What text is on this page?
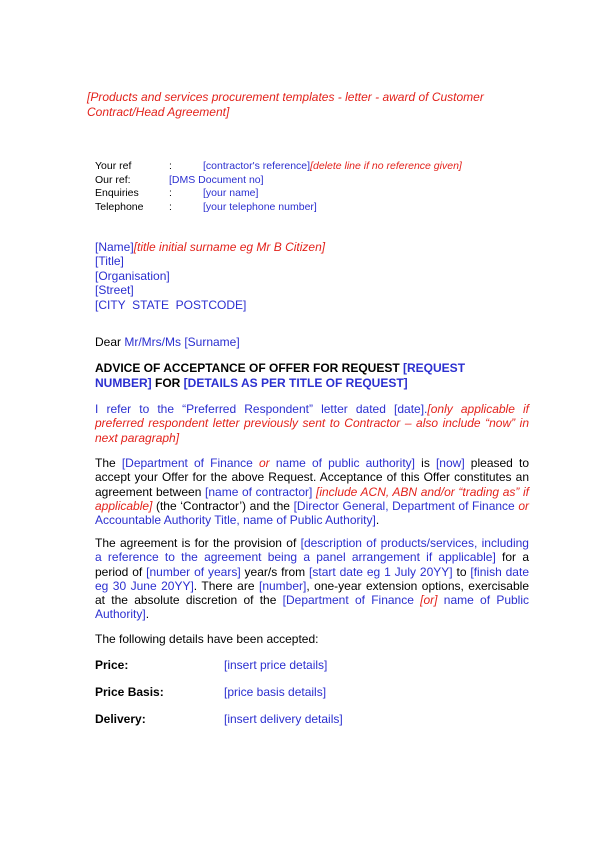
[Products and services procurement templates - letter - award of Customer Contract/Head Agreement]
Your ref	:	[contractor's reference][delete line if no reference given]
Our ref:	[DMS Document no]
Enquiries	:	[your name]
Telephone :	[your telephone number]
[Name][title initial surname eg Mr B Citizen]
[Title]
[Organisation]
[Street]
[CITY  STATE  POSTCODE]
Dear Mr/Mrs/Ms [Surname]
ADVICE OF ACCEPTANCE OF OFFER FOR REQUEST [REQUEST NUMBER] FOR [DETAILS AS PER TITLE OF REQUEST]
I refer to the “Preferred Respondent” letter dated [date].[only applicable if preferred respondent letter previously sent to Contractor – also include “now” in next paragraph]
The [Department of Finance or name of public authority] is [now] pleased to accept your Offer for the above Request. Acceptance of this Offer constitutes an agreement between [name of contractor] [include ACN, ABN and/or “trading as” if applicable] (the ‘Contractor’) and the [Director General, Department of Finance or Accountable Authority Title, name of Public Authority].
The agreement is for the provision of [description of products/services, including a reference to the agreement being a panel arrangement if applicable] for a period of [number of years] year/s from [start date eg 1 July 20YY] to [finish date eg 30 June 20YY]. There are [number], one-year extension options, exercisable at the absolute discretion of the [Department of Finance [or] name of Public Authority].
The following details have been accepted:
Price:	[insert price details]
Price Basis:	[price basis details]
Delivery:	[insert delivery details]
